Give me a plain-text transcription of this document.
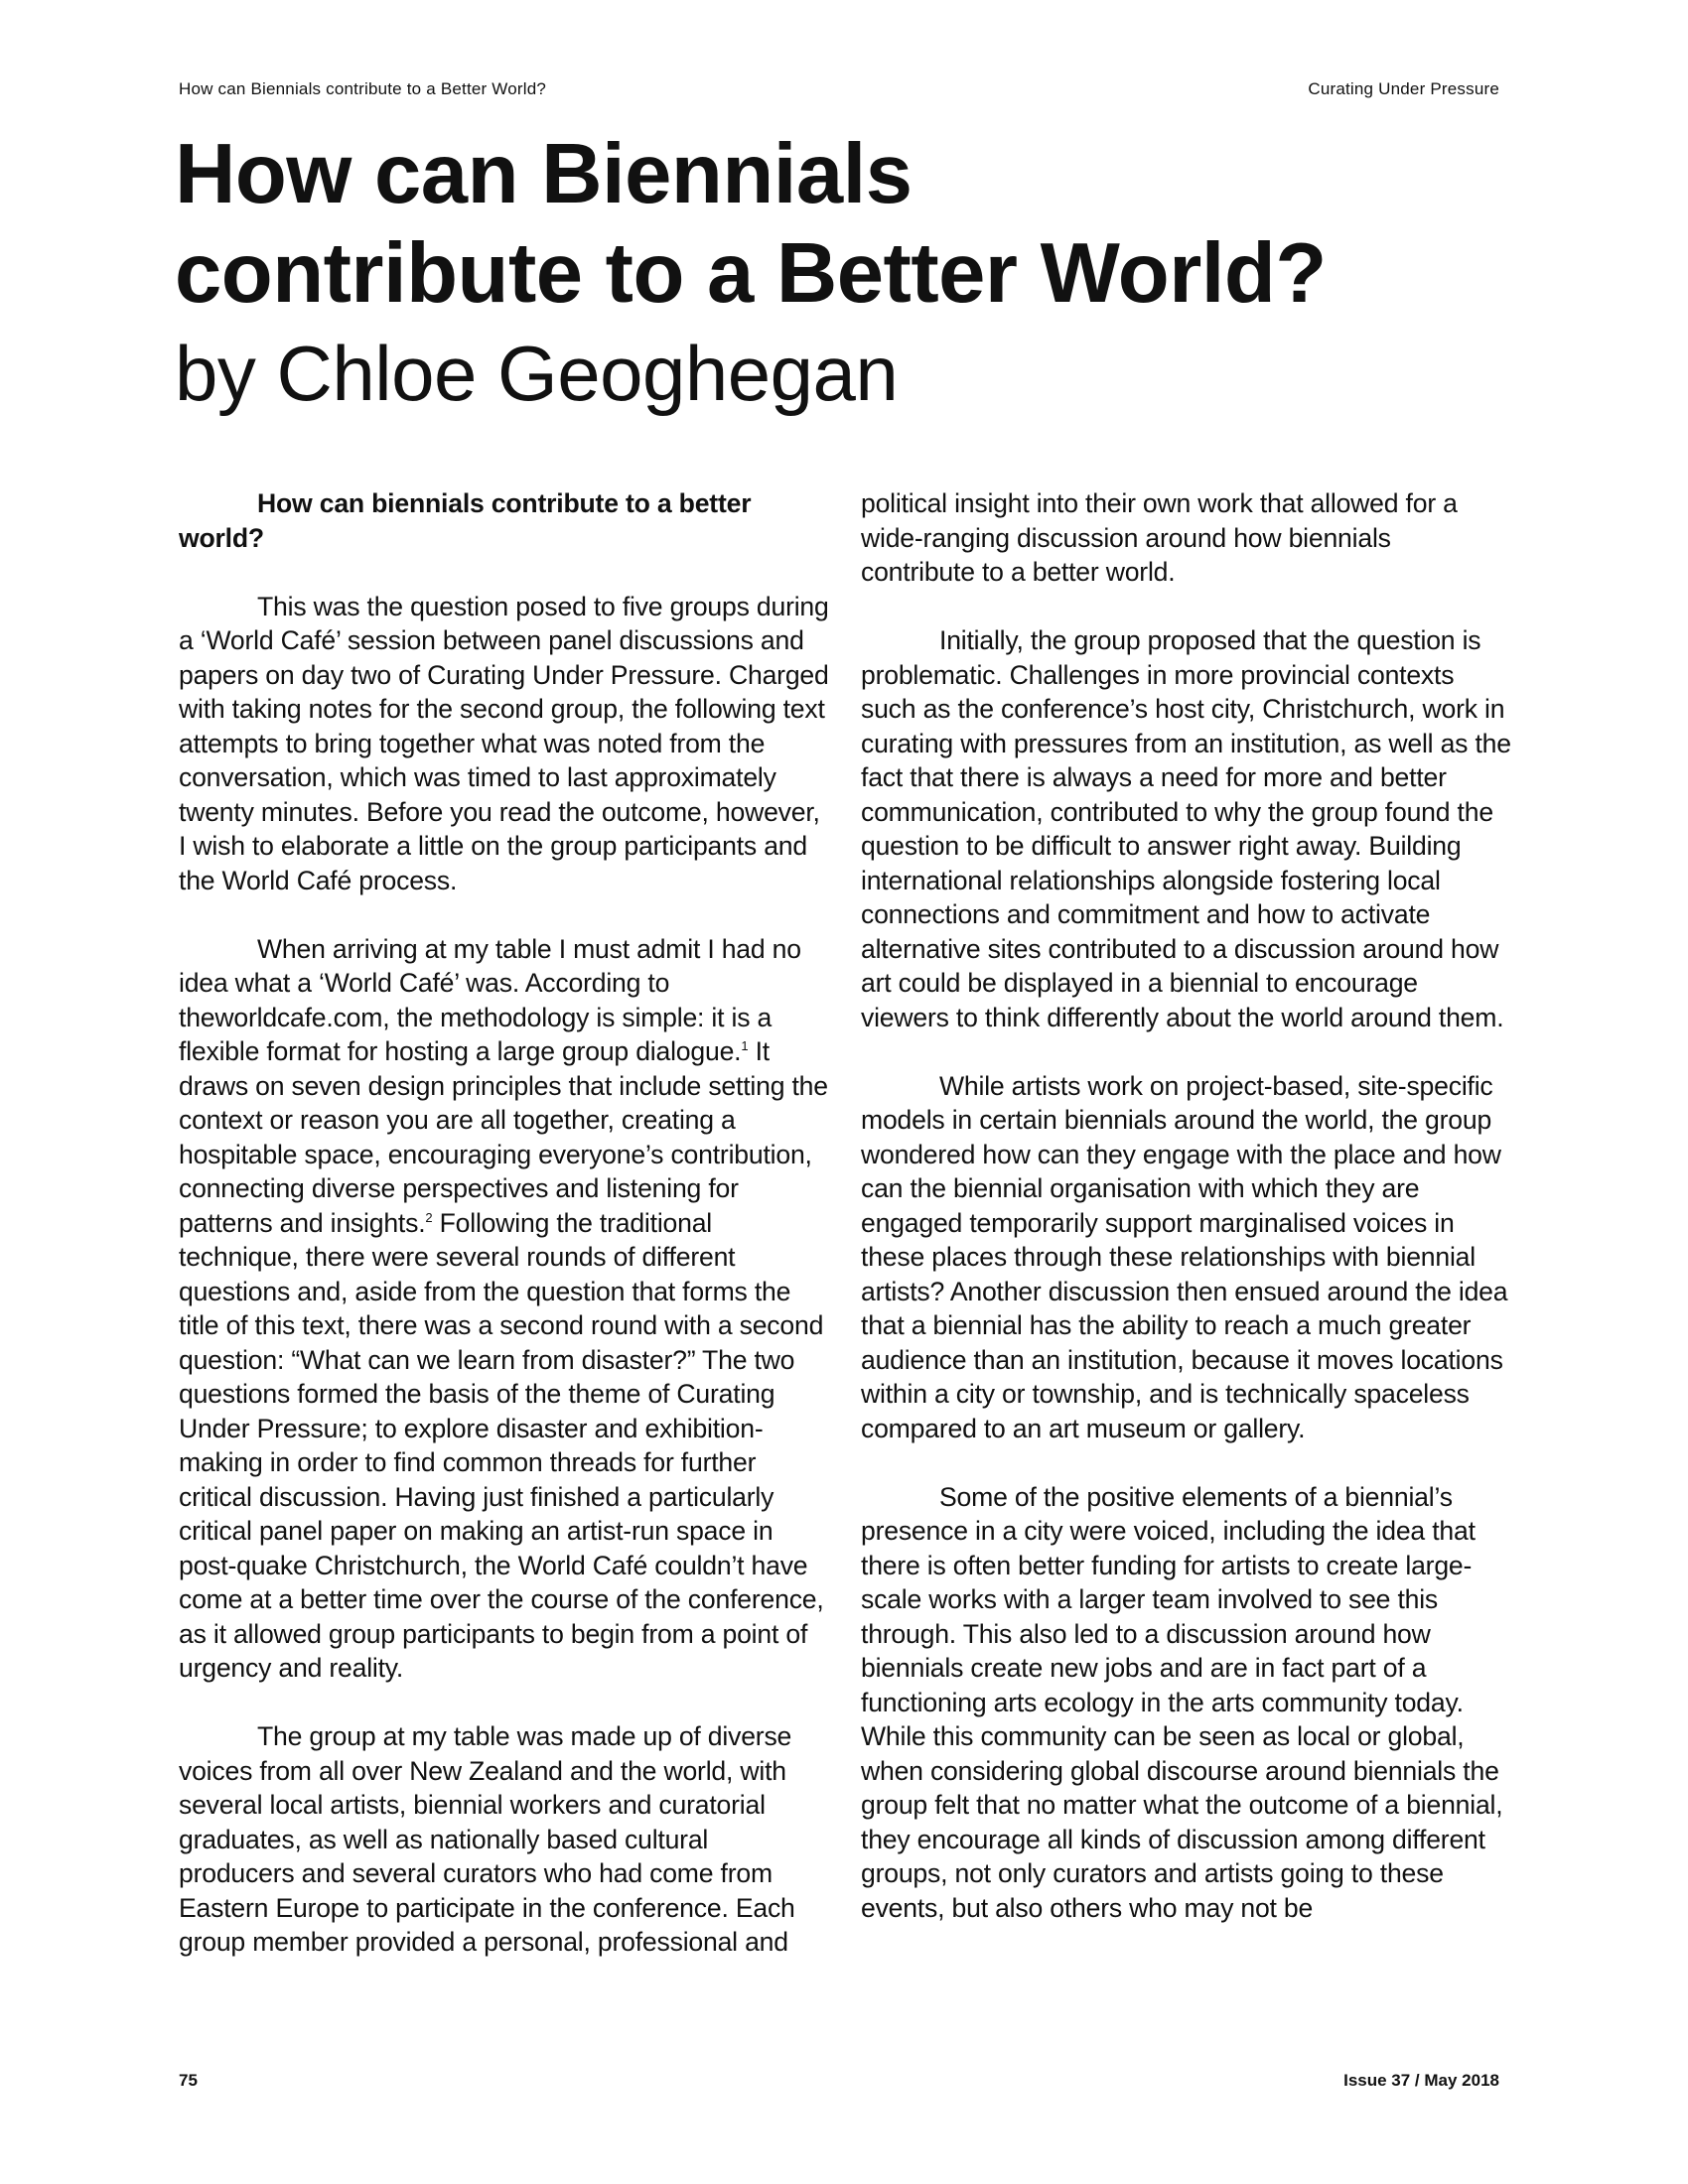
How can Biennials contribute to a Better World?	Curating Under Pressure
How can Biennials
contribute to a Better World?
by Chloe Geoghegan

How can biennials contribute to a better world?

This was the question posed to five groups during a ‘World Café’ session between panel discussions and papers on day two of Curating Under Pressure. Charged with taking notes for the second group, the following text attempts to bring together what was noted from the conversation, which was timed to last approximately twenty minutes. Before you read the outcome, however, I wish to elaborate a little on the group participants and the World Café process.

When arriving at my table I must admit I had no idea what a ‘World Café’ was. According to theworldcafe.com, the methodology is simple: it is a flexible format for hosting a large group dialogue.$^1$ It draws on seven design principles that include setting the context or reason you are all together, creating a hospitable space, encouraging everyone’s contribution, connecting diverse perspectives and listening for patterns and insights.$^2$ Following the traditional technique, there were several rounds of different questions and, aside from the question that forms the title of this text, there was a second round with a second question: “What can we learn from disaster?” The two questions formed the basis of the theme of Curating Under Pressure; to explore disaster and exhibition-making in order to find common threads for further critical discussion. Having just finished a particularly critical panel paper on making an artist-run space in post-quake Christchurch, the World Café couldn’t have come at a better time over the course of the conference, as it allowed group participants to begin from a point of urgency and reality.

The group at my table was made up of diverse voices from all over New Zealand and the world, with several local artists, biennial workers and curatorial graduates, as well as nationally based cultural producers and several curators who had come from Eastern Europe to participate in the conference. Each group member provided a personal, professional and

political insight into their own work that allowed for a wide-ranging discussion around how biennials contribute to a better world.

Initially, the group proposed that the question is problematic. Challenges in more provincial contexts such as the conference’s host city, Christchurch, work in curating with pressures from an institution, as well as the fact that there is always a need for more and better communication, contributed to why the group found the question to be difficult to answer right away. Building international relationships alongside fostering local connections and commitment and how to activate alternative sites contributed to a discussion around how art could be displayed in a biennial to encourage viewers to think differently about the world around them.

While artists work on project-based, site-specific models in certain biennials around the world, the group wondered how can they engage with the place and how can the biennial organisation with which they are engaged temporarily support marginalised voices in these places through these relationships with biennial artists? Another discussion then ensued around the idea that a biennial has the ability to reach a much greater audience than an institution, because it moves locations within a city or township, and is technically spaceless compared to an art museum or gallery.

Some of the positive elements of a biennial’s presence in a city were voiced, including the idea that there is often better funding for artists to create large-scale works with a larger team involved to see this through. This also led to a discussion around how biennials create new jobs and are in fact part of a functioning arts ecology in the arts community today. While this community can be seen as local or global, when considering global discourse around biennials the group felt that no matter what the outcome of a biennial, they encourage all kinds of discussion among different groups, not only curators and artists going to these events, but also others who may not be

75	Issue 37 / May 2018
